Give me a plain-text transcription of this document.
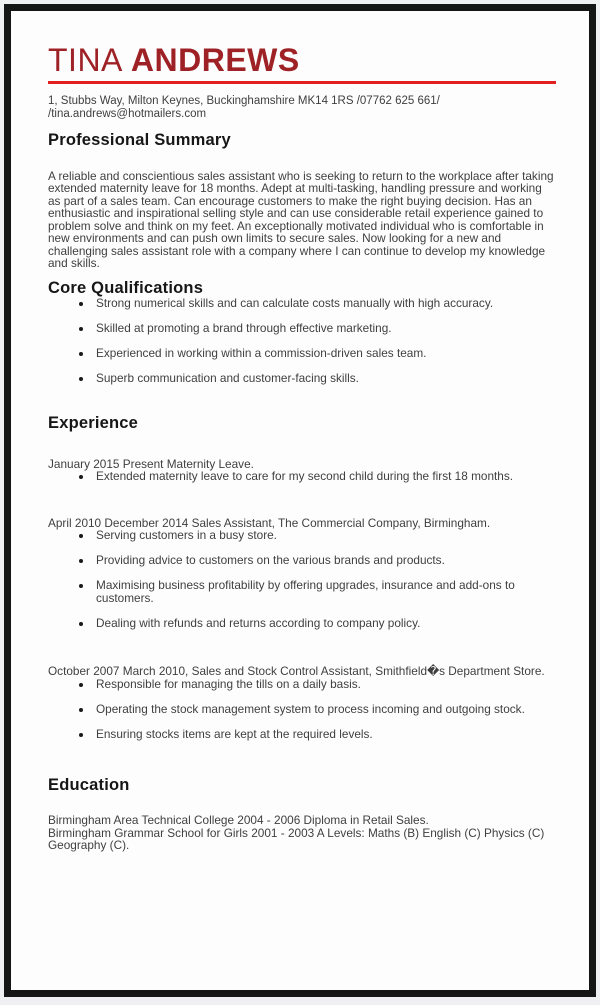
TINA ANDREWS

1, Stubbs Way, Milton Keynes, Buckinghamshire MK14 1RS /07762 625 661/
/tina.andrews@hotmailers.com

Professional Summary

A reliable and conscientious sales assistant who is seeking to return to the workplace after taking extended maternity leave for 18 months. Adept at multi-tasking, handling pressure and working as part of a sales team. Can encourage customers to make the right buying decision. Has an enthusiastic and inspirational selling style and can use considerable retail experience gained to problem solve and think on my feet. An exceptionally motivated individual who is comfortable in new environments and can push own limits to secure sales. Now looking for a new and challenging sales assistant role with a company where I can continue to develop my knowledge and skills.

Core Qualifications
• Strong numerical skills and can calculate costs manually with high accuracy.
• Skilled at promoting a brand through effective marketing.
• Experienced in working within a commission-driven sales team.
• Superb communication and customer-facing skills.
Experience

January 2015 Present Maternity Leave.

• Extended maternity leave to care for my second child during the first 18 months.

April 2010 December 2014 Sales Assistant, The Commercial Company, Birmingham.

• Serving customers in a busy store.
• Providing advice to customers on the various brands and products.
• Maximising business profitability by offering upgrades, insurance and add-ons to customers.
• Dealing with refunds and returns according to company policy.

October 2007 March 2010, Sales and Stock Control Assistant, Smithfield�s Department Store.

• Responsible for managing the tills on a daily basis.
• Operating the stock management system to process incoming and outgoing stock.
• Ensuring stocks items are kept at the required levels.
Education
Birmingham Area Technical College 2004 - 2006 Diploma in Retail Sales.
Birmingham Grammar School for Girls 2001 - 2003 A Levels: Maths (B) English (C) Physics (C) Geography (C).
